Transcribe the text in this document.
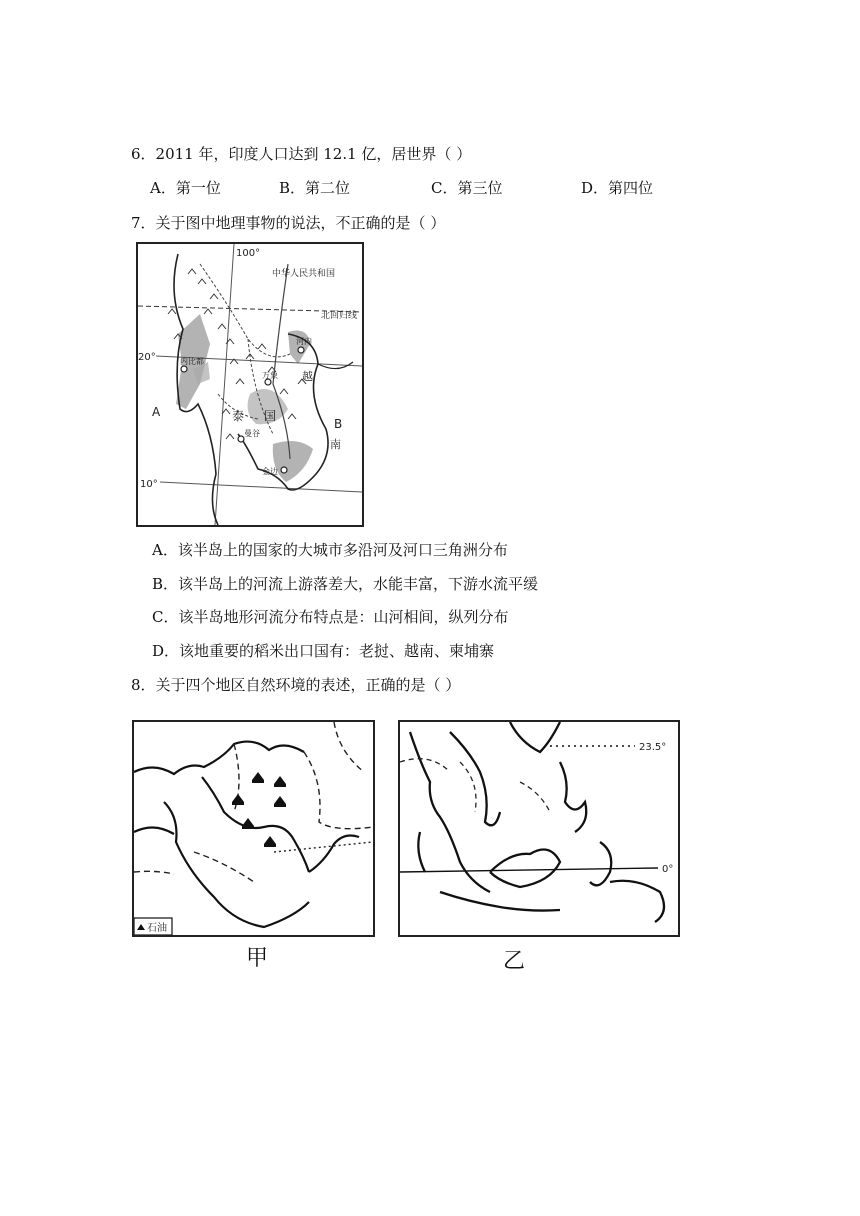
6．2011 年，印度人口达到 12.1 亿，居世界（ ）
A．第一位	B．第二位	C．第三位	D．第四位
7．关于图中地理事物的说法，不正确的是（ ）
中华人民共和国
北回归线
100°
20°
10°
A
B
内比都
河内
万象
曼谷
金边
泰 国
越
南
A．该半岛上的国家的大城市多沿河及河口三角洲分布
B．该半岛上的河流上游落差大，水能丰富，下游水流平缓
C．该半岛地形河流分布特点是：山河相间，纵列分布
D．该地重要的稻米出口国有：老挝、越南、柬埔寨
8．关于四个地区自然环境的表述，正确的是（ ）
石油
甲
23.5°
0°
乙
